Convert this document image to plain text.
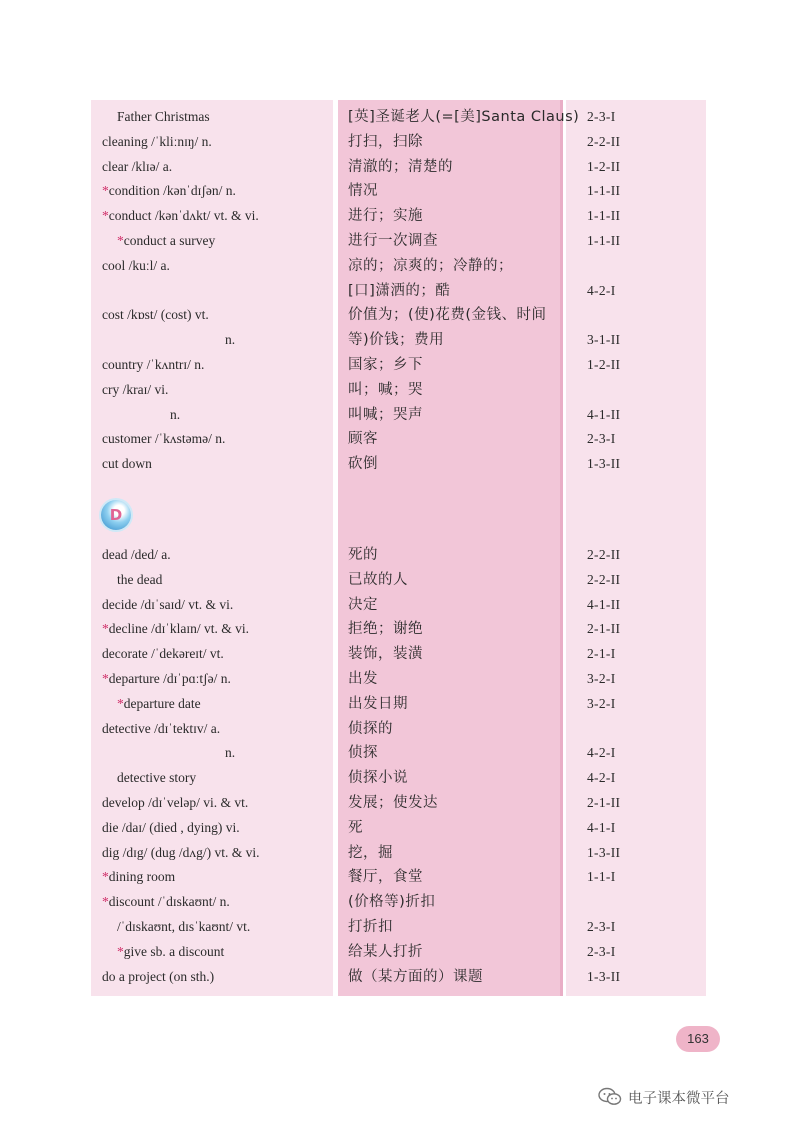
Father Christmas	[英]圣诞老人(=[美]Santa Claus) 2-3-I
cleaning /ˈkliːnɪŋ/ n.	打扫，扫除	2-2-II
clear /klɪə/ a.	清澈的；清楚的	1-2-II
*condition /kənˈdɪʃən/ n.	情况	1-1-II
*conduct /kənˈdʌkt/ vt. & vi.	进行；实施	1-1-II
*conduct a survey	进行一次调查	1-1-II
cool /kuːl/ a.	凉的；凉爽的；冷静的；
[口]潇洒的；酷	4-2-I
cost /kɒst/ (cost) vt.	价值为；(使)花费(金钱、时间
n.	等)价钱；费用	3-1-II
country /ˈkʌntrɪ/ n.	国家；乡下	1-2-II
cry /kraɪ/ vi.	叫；喊；哭
n.	叫喊；哭声	4-1-II
customer /ˈkʌstəmə/ n.	顾客	2-3-I
cut down	砍倒	1-3-II
dead /ded/ a.	死的	2-2-II
the dead	已故的人	2-2-II
decide /dɪˈsaɪd/ vt. & vi.	决定	4-1-II
*decline /dɪˈklaɪn/ vt. & vi.	拒绝；谢绝	2-1-II
decorate /ˈdekəreɪt/ vt.	装饰，装潢	2-1-I
*departure /dɪˈpɑːtʃə/ n.	出发	3-2-I
*departure date	出发日期	3-2-I
detective /dɪˈtektɪv/ a.	侦探的
n.	侦探	4-2-I
detective story	侦探小说	4-2-I
develop /dɪˈveləp/ vi. & vt.	发展；使发达	2-1-II
die /daɪ/ (died , dying) vi.	死	4-1-I
dig /dɪg/ (dug /dʌg/) vt. & vi.	挖，掘	1-3-II
*dining room	餐厅，食堂	1-1-I
*discount /ˈdɪskaʊnt/ n.	(价格等)折扣
/ˈdɪskaʊnt, dɪsˈkaʊnt/ vt.	打折扣	2-3-I
*give sb. a discount	给某人打折	2-3-I
do a project (on sth.)	做（某方面的）课题	1-3-II
D
163
电子课本微平台
